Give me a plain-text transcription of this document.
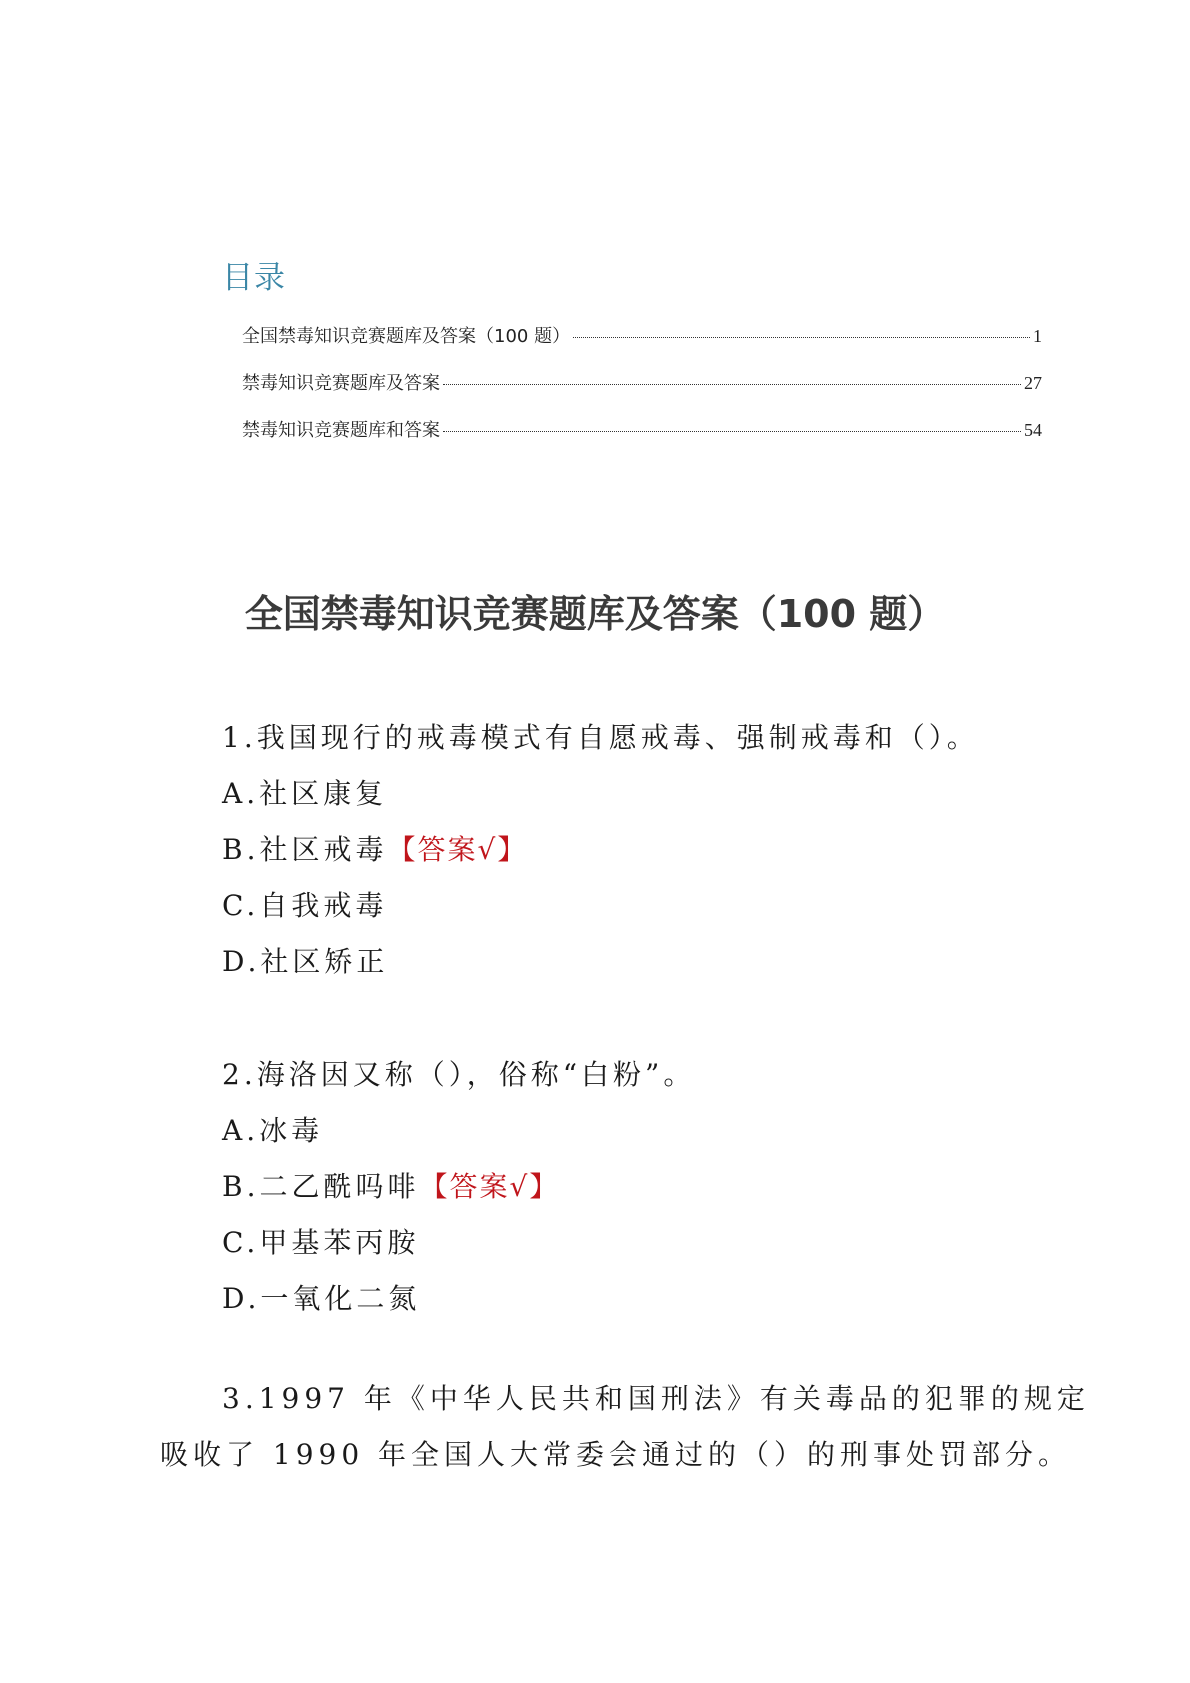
目录
全国禁毒知识竞赛题库及答案（100 题）	1
禁毒知识竞赛题库及答案	27
禁毒知识竞赛题库和答案	54
全国禁毒知识竞赛题库及答案（100 题）
1.我国现行的戒毒模式有自愿戒毒、强制戒毒和（）。
A.社区康复
B.社区戒毒【答案√】
C.自我戒毒
D.社区矫正
2.海洛因又称（），俗称“白粉”。
A.冰毒
B.二乙酰吗啡【答案√】
C.甲基苯丙胺
D.一氧化二氮
3.1997 年《中华人民共和国刑法》有关毒品的犯罪的规定
吸收了 1990 年全国人大常委会通过的（）的刑事处罚部分。
